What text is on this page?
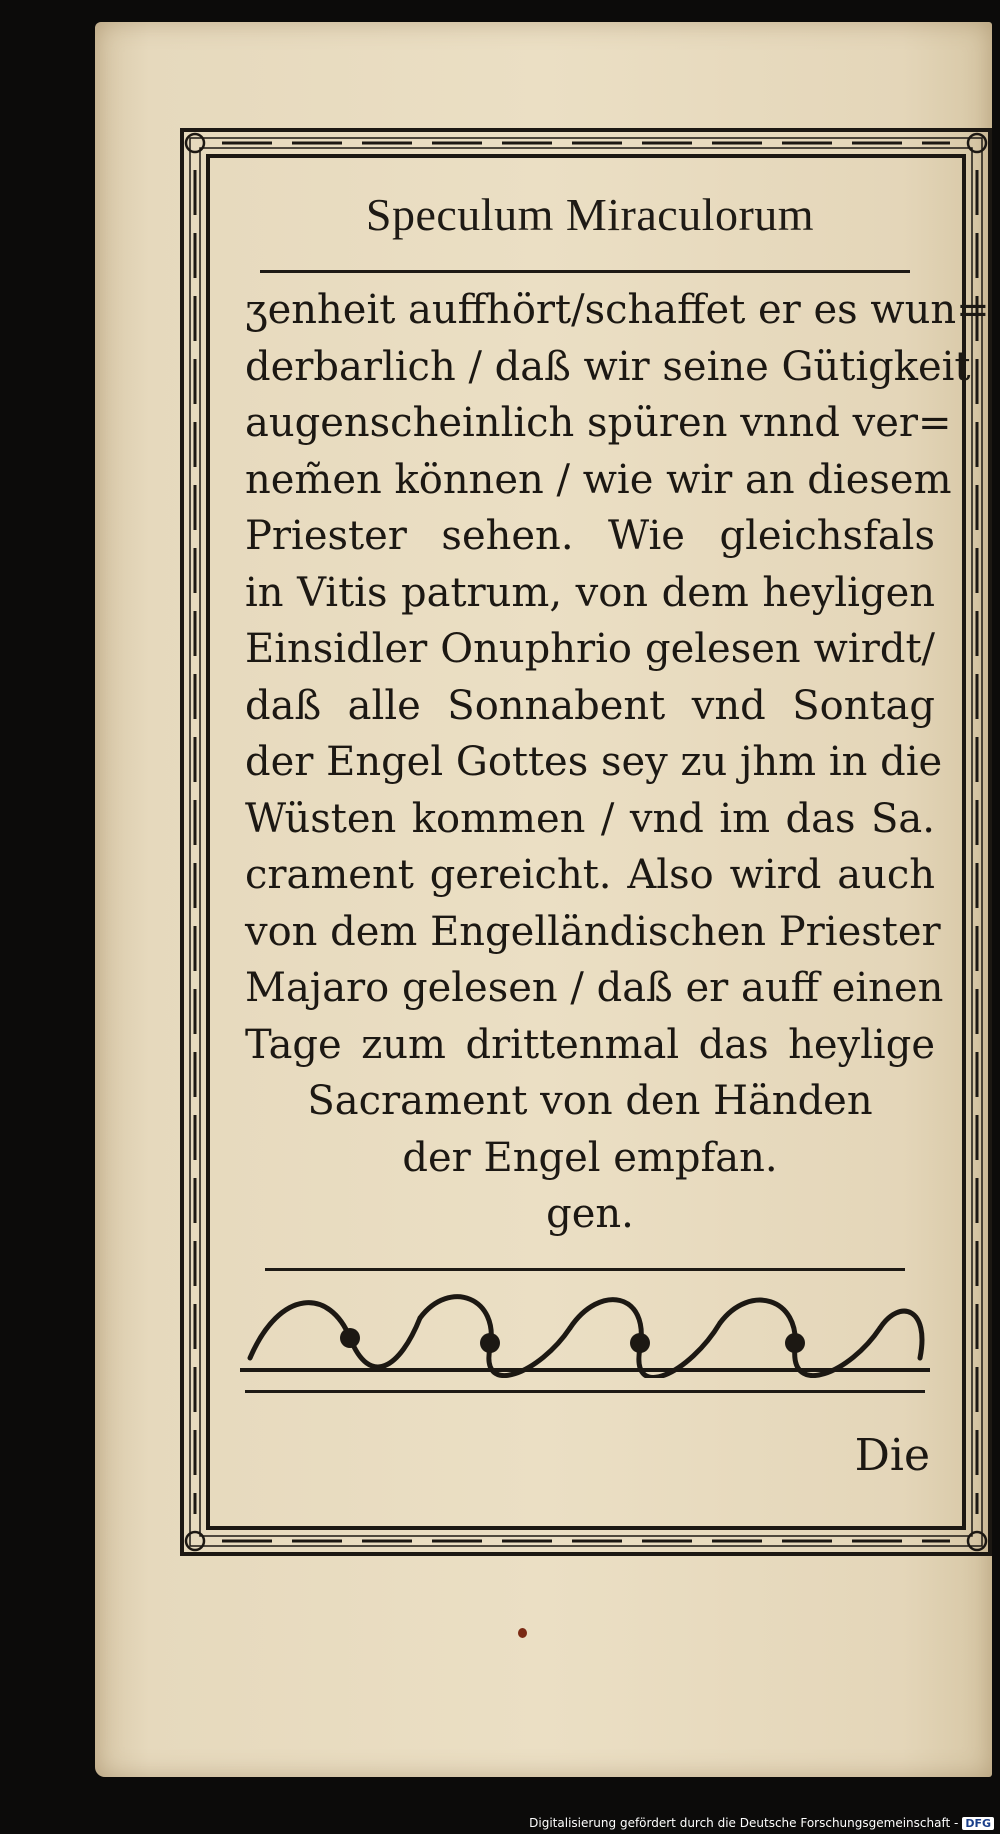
Speculum Miraculorum
ʒenheit auffhört/schaffet er es wun=
derbarlich / daß wir seine Gütigkeit
augenscheinlich spüren vnnd ver=
nem̃en können / wie wir an diesem
Priester sehen. Wie gleichsfals
in Vitis patrum, von dem heyligen
Einsidler Onuphrio gelesen wirdt/
daß alle Sonnabent vnd Sontag
der Engel Gottes sey zu jhm in die
Wüsten kommen / vnd im das Sa.
crament gereicht. Also wird auch
von dem Engelländischen Priester
Majaro gelesen / daß er auff einen
Tage zum drittenmal das heylige
Sacrament von den Händen
der Engel empfan.
gen.
Die
Digitalisierung gefördert durch die Deutsche Forschungsgemeinschaft - DFG
